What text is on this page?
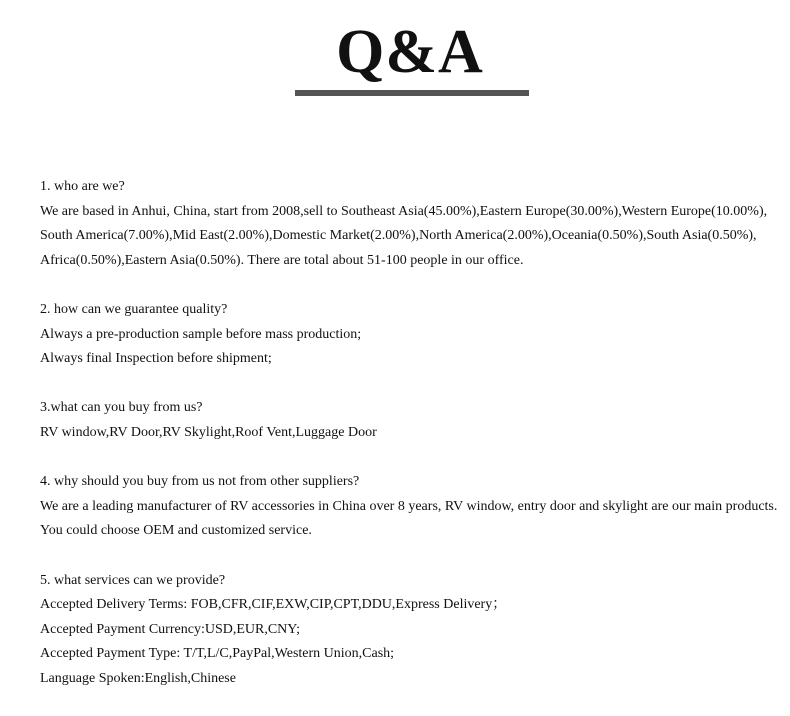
Q&A
1. who are we?
We are based in Anhui, China, start from 2008,sell to Southeast Asia(45.00%),Eastern Europe(30.00%),Western Europe(10.00%),
South America(7.00%),Mid East(2.00%),Domestic Market(2.00%),North America(2.00%),Oceania(0.50%),South Asia(0.50%),
Africa(0.50%),Eastern Asia(0.50%). There are total about 51-100 people in our office.
2. how can we guarantee quality?
Always a pre-production sample before mass production;
Always final Inspection before shipment;
3.what can you buy from us?
RV window,RV Door,RV Skylight,Roof Vent,Luggage Door
4. why should you buy from us not from other suppliers?
We are a leading manufacturer of RV accessories in China over 8 years, RV window, entry door and skylight are our main products.
You could choose OEM and customized service.
5. what services can we provide?
Accepted Delivery Terms: FOB,CFR,CIF,EXW,CIP,CPT,DDU,Express Delivery；
Accepted Payment Currency:USD,EUR,CNY;
Accepted Payment Type: T/T,L/C,PayPal,Western Union,Cash;
Language Spoken:English,Chinese
